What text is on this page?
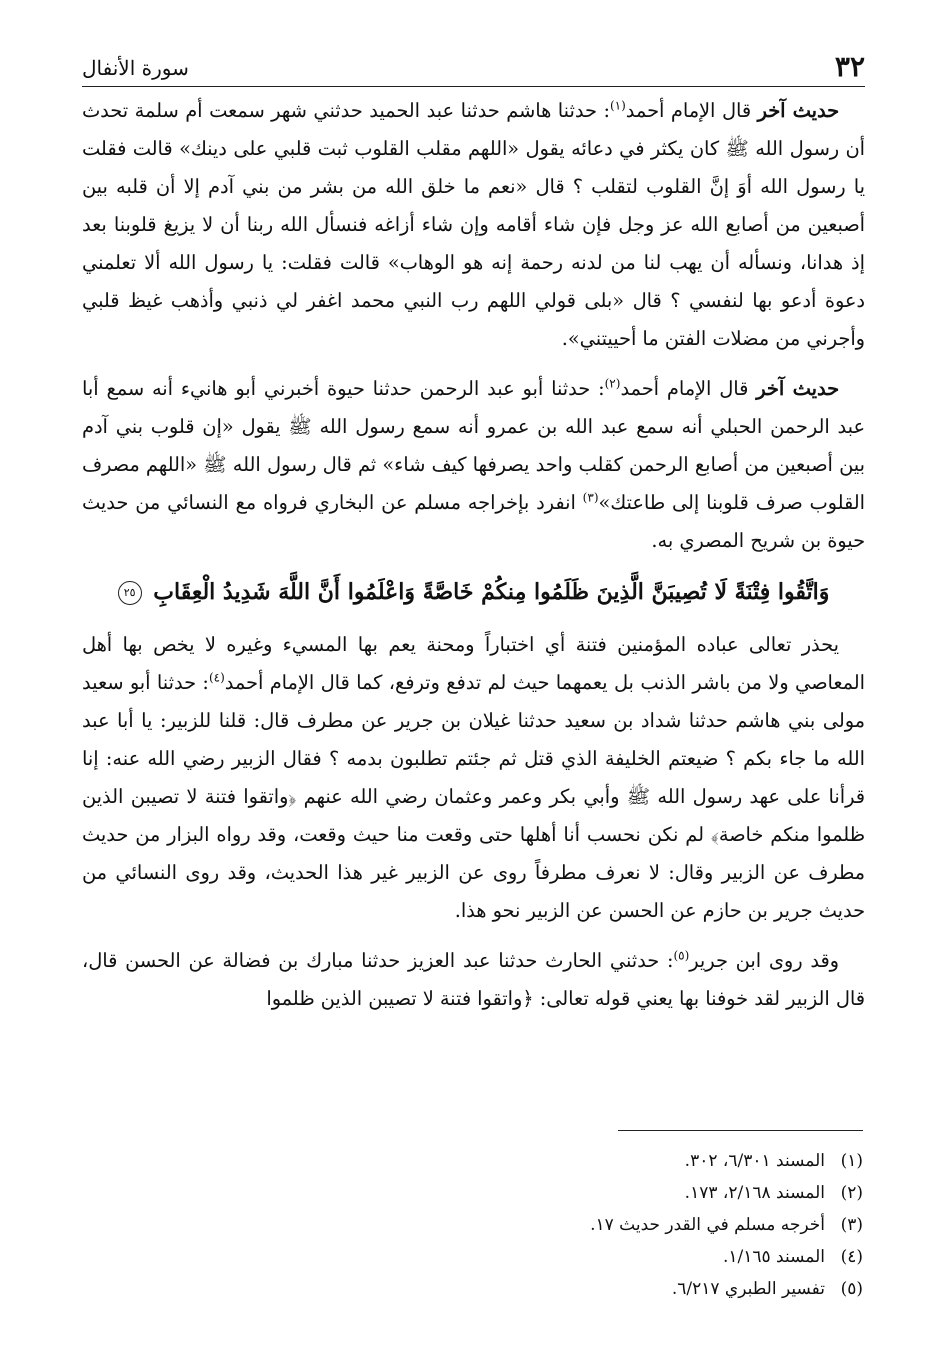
٣٢
سورة الأنفال

حديث آخر قال الإمام أحمد$^{(١)}$: حدثنا هاشم حدثنا عبد الحميد حدثني شهر سمعت أم سلمة تحدث أن رسول الله ﷺ كان يكثر في دعائه يقول «اللهم مقلب القلوب ثبت قلبي على دينك» قالت فقلت يا رسول الله أوَ إنَّ القلوب لتقلب ؟ قال «نعم ما خلق الله من بشر من بني آدم إلا أن قلبه بين أصبعين من أصابع الله عز وجل فإن شاء أقامه وإن شاء أزاغه فنسأل الله ربنا أن لا يزيغ قلوبنا بعد إذ هدانا، ونسأله أن يهب لنا من لدنه رحمة إنه هو الوهاب» قالت فقلت: يا رسول الله ألا تعلمني دعوة أدعو بها لنفسي ؟ قال «بلى قولي اللهم رب النبي محمد اغفر لي ذنبي وأذهب غيظ قلبي وأجرني من مضلات الفتن ما أحييتني».

حديث آخر قال الإمام أحمد$^{(٢)}$: حدثنا أبو عبد الرحمن حدثنا حيوة أخبرني أبو هانيء أنه سمع أبا عبد الرحمن الحبلي أنه سمع عبد الله بن عمرو أنه سمع رسول الله ﷺ يقول «إن قلوب بني آدم بين أصبعين من أصابع الرحمن كقلب واحد يصرفها كيف شاء» ثم قال رسول الله ﷺ «اللهم مصرف القلوب صرف قلوبنا إلى طاعتك»$^{(٣)}$ انفرد بإخراجه مسلم عن البخاري فرواه مع النسائي من حديث حيوة بن شريح المصري به.

وَاتَّقُوا فِتْنَةً لَا تُصِيبَنَّ الَّذِينَ ظَلَمُوا مِنكُمْ خَاصَّةً وَاعْلَمُوا أَنَّ اللَّهَ شَدِيدُ الْعِقَابِ ٢٥

يحذر تعالى عباده المؤمنين فتنة أي اختباراً ومحنة يعم بها المسيء وغيره لا يخص بها أهل المعاصي ولا من باشر الذنب بل يعمهما حيث لم تدفع وترفع، كما قال الإمام أحمد$^{(٤)}$: حدثنا أبو سعيد مولى بني هاشم حدثنا شداد بن سعيد حدثنا غيلان بن جرير عن مطرف قال: قلنا للزبير: يا أبا عبد الله ما جاء بكم ؟ ضيعتم الخليفة الذي قتل ثم جئتم تطلبون بدمه ؟ فقال الزبير رضي الله عنه: إنا قرأنا على عهد رسول الله ﷺ وأبي بكر وعمر وعثمان رضي الله عنهم ﴿واتقوا فتنة لا تصيبن الذين ظلموا منكم خاصة﴾ لم نكن نحسب أنا أهلها حتى وقعت منا حيث وقعت، وقد رواه البزار من حديث مطرف عن الزبير وقال: لا نعرف مطرفاً روى عن الزبير غير هذا الحديث، وقد روى النسائي من حديث جرير بن حازم عن الحسن عن الزبير نحو هذا.

وقد روى ابن جرير$^{(٥)}$: حدثني الحارث حدثنا عبد العزيز حدثنا مبارك بن فضالة عن الحسن قال، قال الزبير لقد خوفنا بها يعني قوله تعالى: ﴿واتقوا فتنة لا تصيبن الذين ظلموا

(١)المسند ٦/٣٠١، ٣٠٢.
(٢)المسند ٢/١٦٨، ١٧٣.
(٣)أخرجه مسلم في القدر حديث ١٧.
(٤)المسند ١/١٦٥.
(٥)تفسير الطبري ٦/٢١٧.
